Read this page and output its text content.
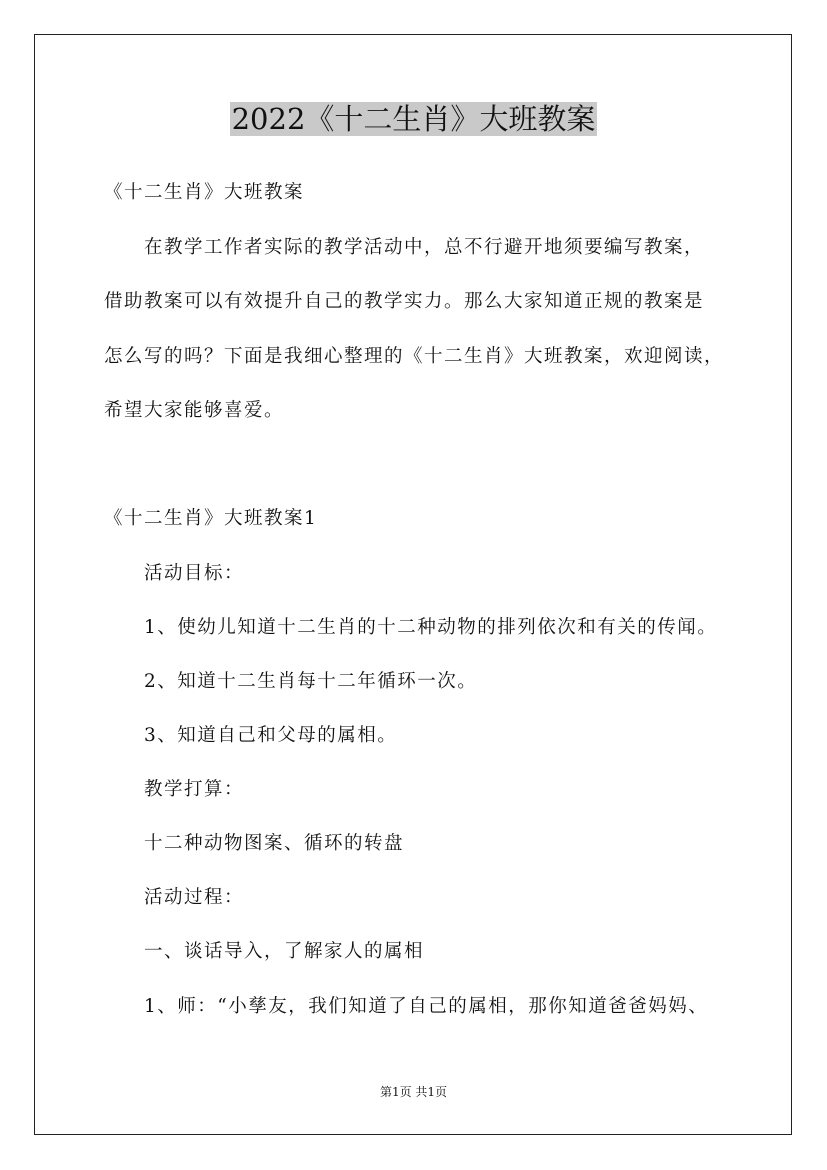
2022《十二生肖》大班教案
《十二生肖》大班教案
在教学工作者实际的教学活动中，总不行避开地须要编写教案，
借助教案可以有效提升自己的教学实力。那么大家知道正规的教案是
怎么写的吗？下面是我细心整理的《十二生肖》大班教案，欢迎阅读，
希望大家能够喜爱。
《十二生肖》大班教案1
活动目标：
1、使幼儿知道十二生肖的十二种动物的排列依次和有关的传闻。
2、知道十二生肖每十二年循环一次。
3、知道自己和父母的属相。
教学打算：
十二种动物图案、循环的转盘
活动过程：
一、谈话导入，了解家人的属相
1、师：“小孳友，我们知道了自己的属相，那你知道爸爸妈妈、
第1页 共1页
